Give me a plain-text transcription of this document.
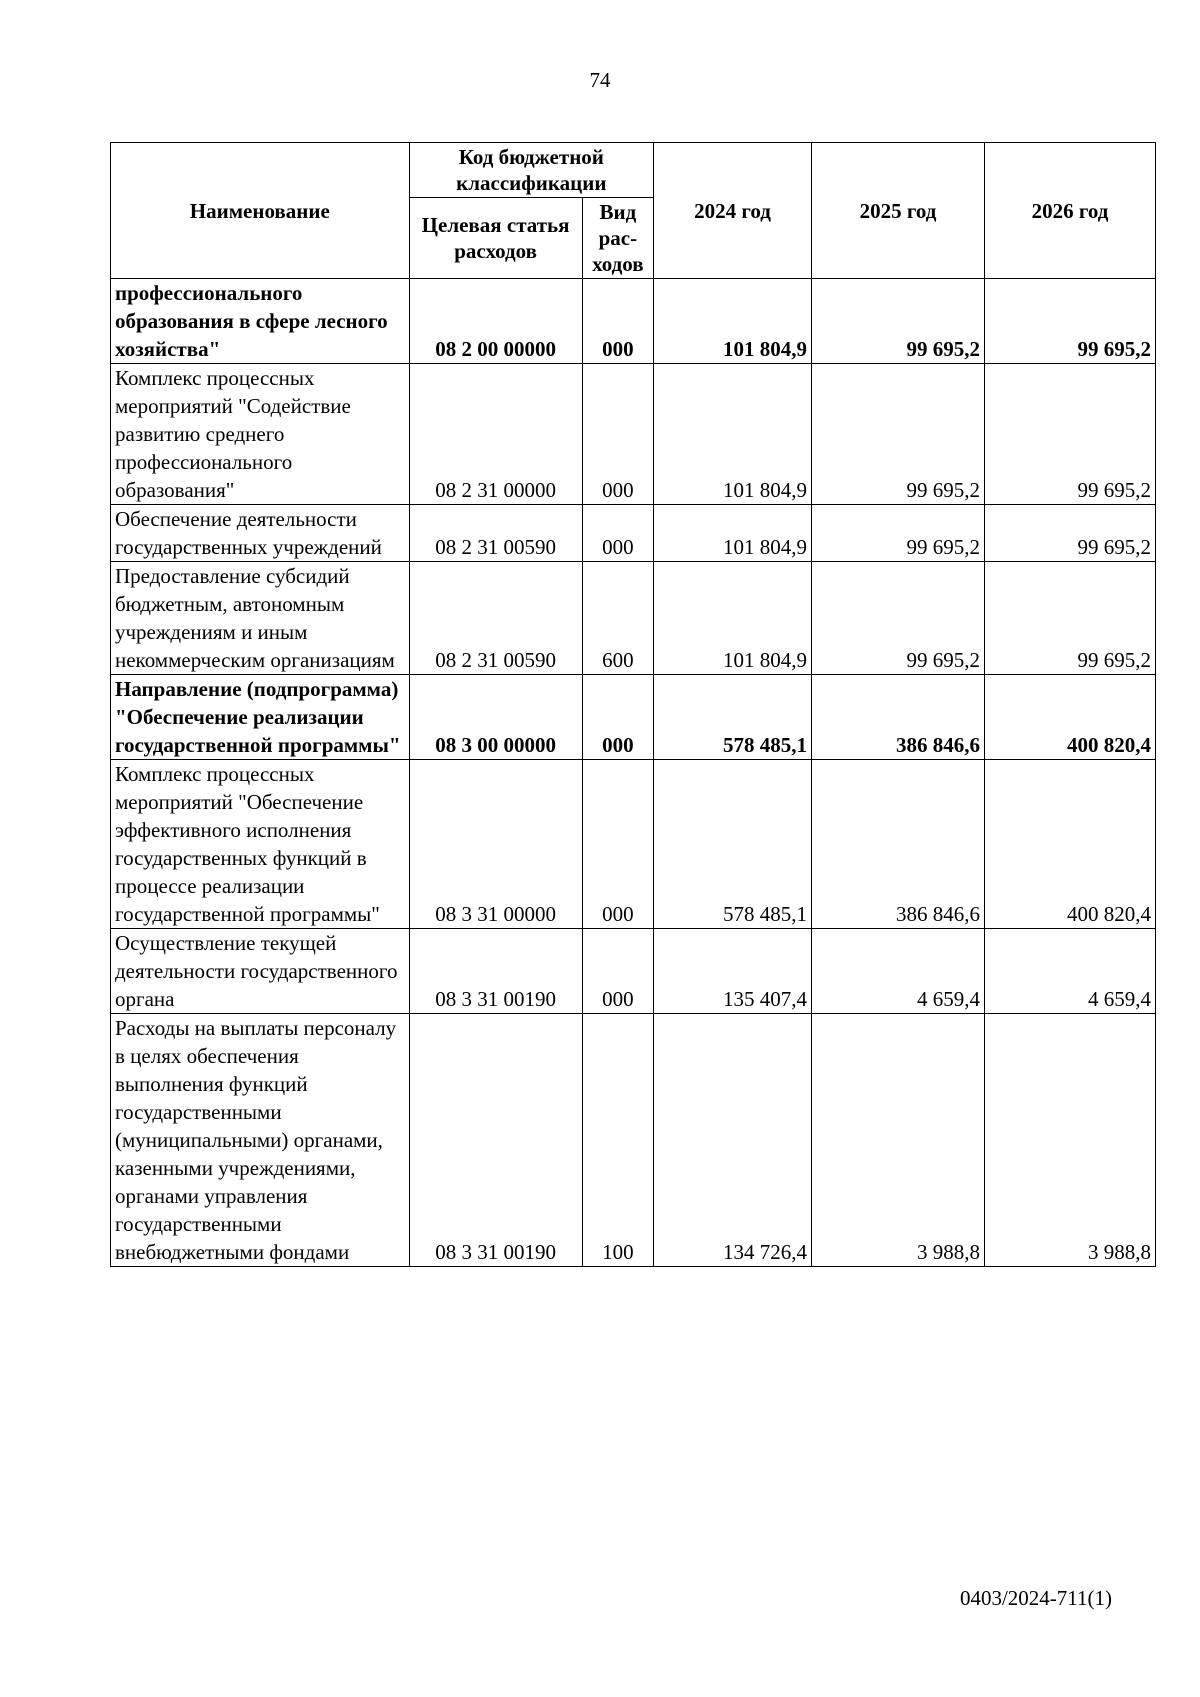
74
Наименование	Код бюджетной классификации		2024 год	2025 год	2026 год
	Целевая статья расходов	Вид рас-ходов			
профессионального образования в сфере лесного хозяйства"	08 2 00 00000	000	101 804,9	99 695,2	99 695,2
Комплекс процессных мероприятий "Содействие развитию среднего профессионального образования"	08 2 31 00000	000	101 804,9	99 695,2	99 695,2
Обеспечение деятельности государственных учреждений	08 2 31 00590	000	101 804,9	99 695,2	99 695,2
Предоставление субсидий бюджетным, автономным учреждениям и иным некоммерческим организациям	08 2 31 00590	600	101 804,9	99 695,2	99 695,2
Направление (подпрограмма) "Обеспечение реализации государственной программы"	08 3 00 00000	000	578 485,1	386 846,6	400 820,4
Комплекс процессных мероприятий "Обеспечение эффективного исполнения государственных функций в процессе реализации государственной программы"	08 3 31 00000	000	578 485,1	386 846,6	400 820,4
Осуществление текущей деятельности государственного органа	08 3 31 00190	000	135 407,4	4 659,4	4 659,4
Расходы на выплаты персоналу в целях обеспечения выполнения функций государственными (муниципальными) органами, казенными учреждениями, органами управления государственными внебюджетными фондами	08 3 31 00190	100	134 726,4	3 988,8	3 988,8
0403/2024-711(1)
